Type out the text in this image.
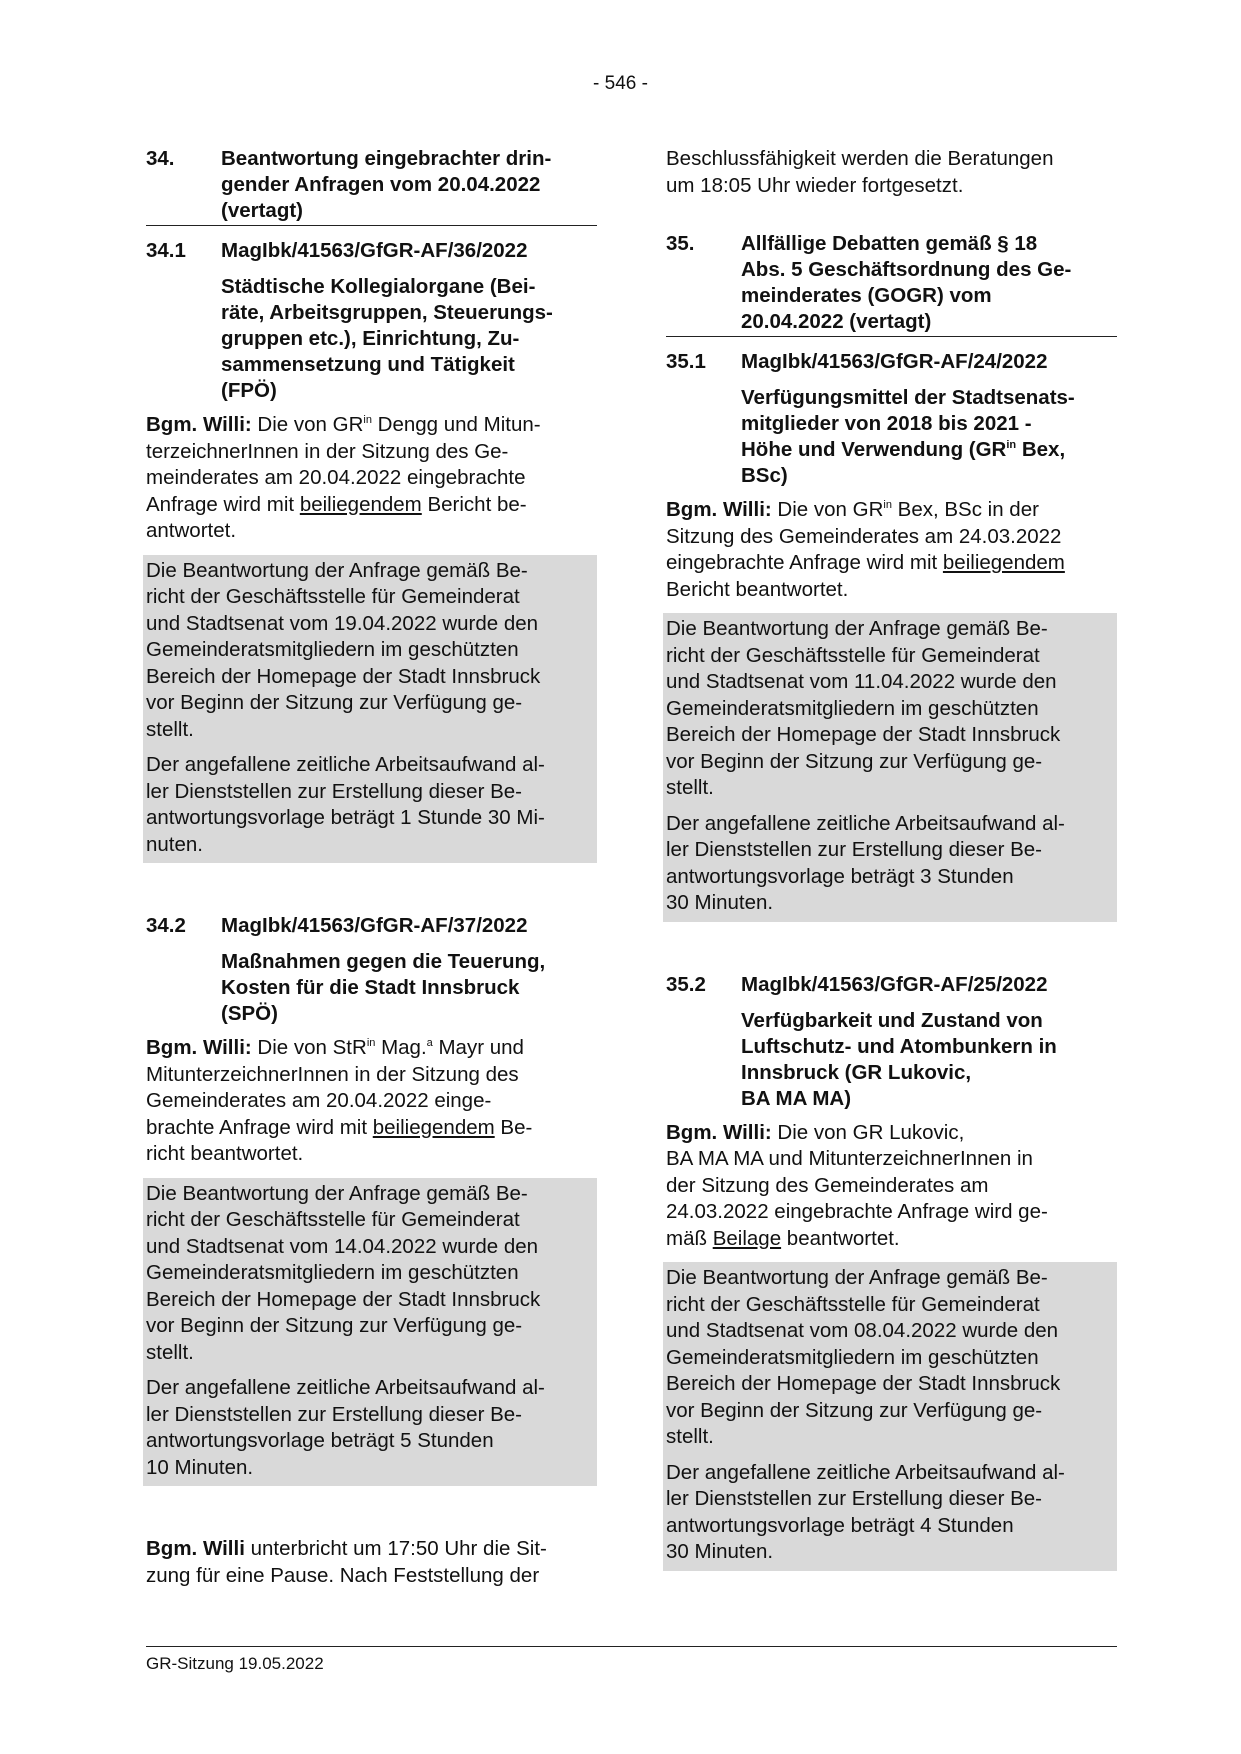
- 546 -
34.	Beantwortung eingebrachter drin-
gender Anfragen vom 20.04.2022
(vertagt)
34.1	MagIbk/41563/GfGR-AF/36/2022
Städtische Kollegialorgane (Bei-
räte, Arbeitsgruppen, Steuerungs-
gruppen etc.), Einrichtung, Zu-
sammensetzung und Tätigkeit
(FPÖ)
Bgm. Willi: Die von $GR^{in}$ Dengg und Mitun-
terzeichnerInnen in der Sitzung des Ge-
meinderates am 20.04.2022 eingebrachte
Anfrage wird mit beiliegendem Bericht be-
antwortet.

Die Beantwortung der Anfrage gemäß Be-
richt der Geschäftsstelle für Gemeinderat
und Stadtsenat vom 19.04.2022 wurde den
Gemeinderatsmitgliedern im geschützten
Bereich der Homepage der Stadt Innsbruck
vor Beginn der Sitzung zur Verfügung ge-
stellt.

Der angefallene zeitliche Arbeitsaufwand al-
ler Dienststellen zur Erstellung dieser Be-
antwortungsvorlage beträgt 1 Stunde 30 Mi-
nuten.

34.2	MagIbk/41563/GfGR-AF/37/2022
Maßnahmen gegen die Teuerung,
Kosten für die Stadt Innsbruck
(SPÖ)
Bgm. Willi: Die von StR$^{in}$ Mag.$^a$ Mayr und
MitunterzeichnerInnen in der Sitzung des
Gemeinderates am 20.04.2022 einge-
brachte Anfrage wird mit beiliegendem Be-
richt beantwortet.

Die Beantwortung der Anfrage gemäß Be-
richt der Geschäftsstelle für Gemeinderat
und Stadtsenat vom 14.04.2022 wurde den
Gemeinderatsmitgliedern im geschützten
Bereich der Homepage der Stadt Innsbruck
vor Beginn der Sitzung zur Verfügung ge-
stellt.

Der angefallene zeitliche Arbeitsaufwand al-
ler Dienststellen zur Erstellung dieser Be-
antwortungsvorlage beträgt 5 Stunden
10 Minuten.

Bgm. Willi unterbricht um 17:50 Uhr die Sit-
zung für eine Pause. Nach Feststellung der
Beschlussfähigkeit werden die Beratungen
um 18:05 Uhr wieder fortgesetzt.
35.	Allfällige Debatten gemäß § 18
Abs. 5 Geschäftsordnung des Ge-
meinderates (GOGR) vom
20.04.2022 (vertagt)
35.1	MagIbk/41563/GfGR-AF/24/2022
Verfügungsmittel der Stadtsenats-
mitglieder von 2018 bis 2021 -
Höhe und Verwendung ($GR^{in}$ Bex,
BSc)
Bgm. Willi: Die von $GR^{in}$ Bex, BSc in der
Sitzung des Gemeinderates am 24.03.2022
eingebrachte Anfrage wird mit beiliegendem
Bericht beantwortet.

Die Beantwortung der Anfrage gemäß Be-
richt der Geschäftsstelle für Gemeinderat
und Stadtsenat vom 11.04.2022 wurde den
Gemeinderatsmitgliedern im geschützten
Bereich der Homepage der Stadt Innsbruck
vor Beginn der Sitzung zur Verfügung ge-
stellt.

Der angefallene zeitliche Arbeitsaufwand al-
ler Dienststellen zur Erstellung dieser Be-
antwortungsvorlage beträgt 3 Stunden
30 Minuten.

35.2	MagIbk/41563/GfGR-AF/25/2022
Verfügbarkeit und Zustand von
Luftschutz- und Atombunkern in
Innsbruck (GR Lukovic,
BA MA MA)
Bgm. Willi: Die von GR Lukovic,
BA MA MA und MitunterzeichnerInnen in
der Sitzung des Gemeinderates am
24.03.2022 eingebrachte Anfrage wird ge-
mäß Beilage beantwortet.

Die Beantwortung der Anfrage gemäß Be-
richt der Geschäftsstelle für Gemeinderat
und Stadtsenat vom 08.04.2022 wurde den
Gemeinderatsmitgliedern im geschützten
Bereich der Homepage der Stadt Innsbruck
vor Beginn der Sitzung zur Verfügung ge-
stellt.

Der angefallene zeitliche Arbeitsaufwand al-
ler Dienststellen zur Erstellung dieser Be-
antwortungsvorlage beträgt 4 Stunden
30 Minuten.

GR-Sitzung 19.05.2022
